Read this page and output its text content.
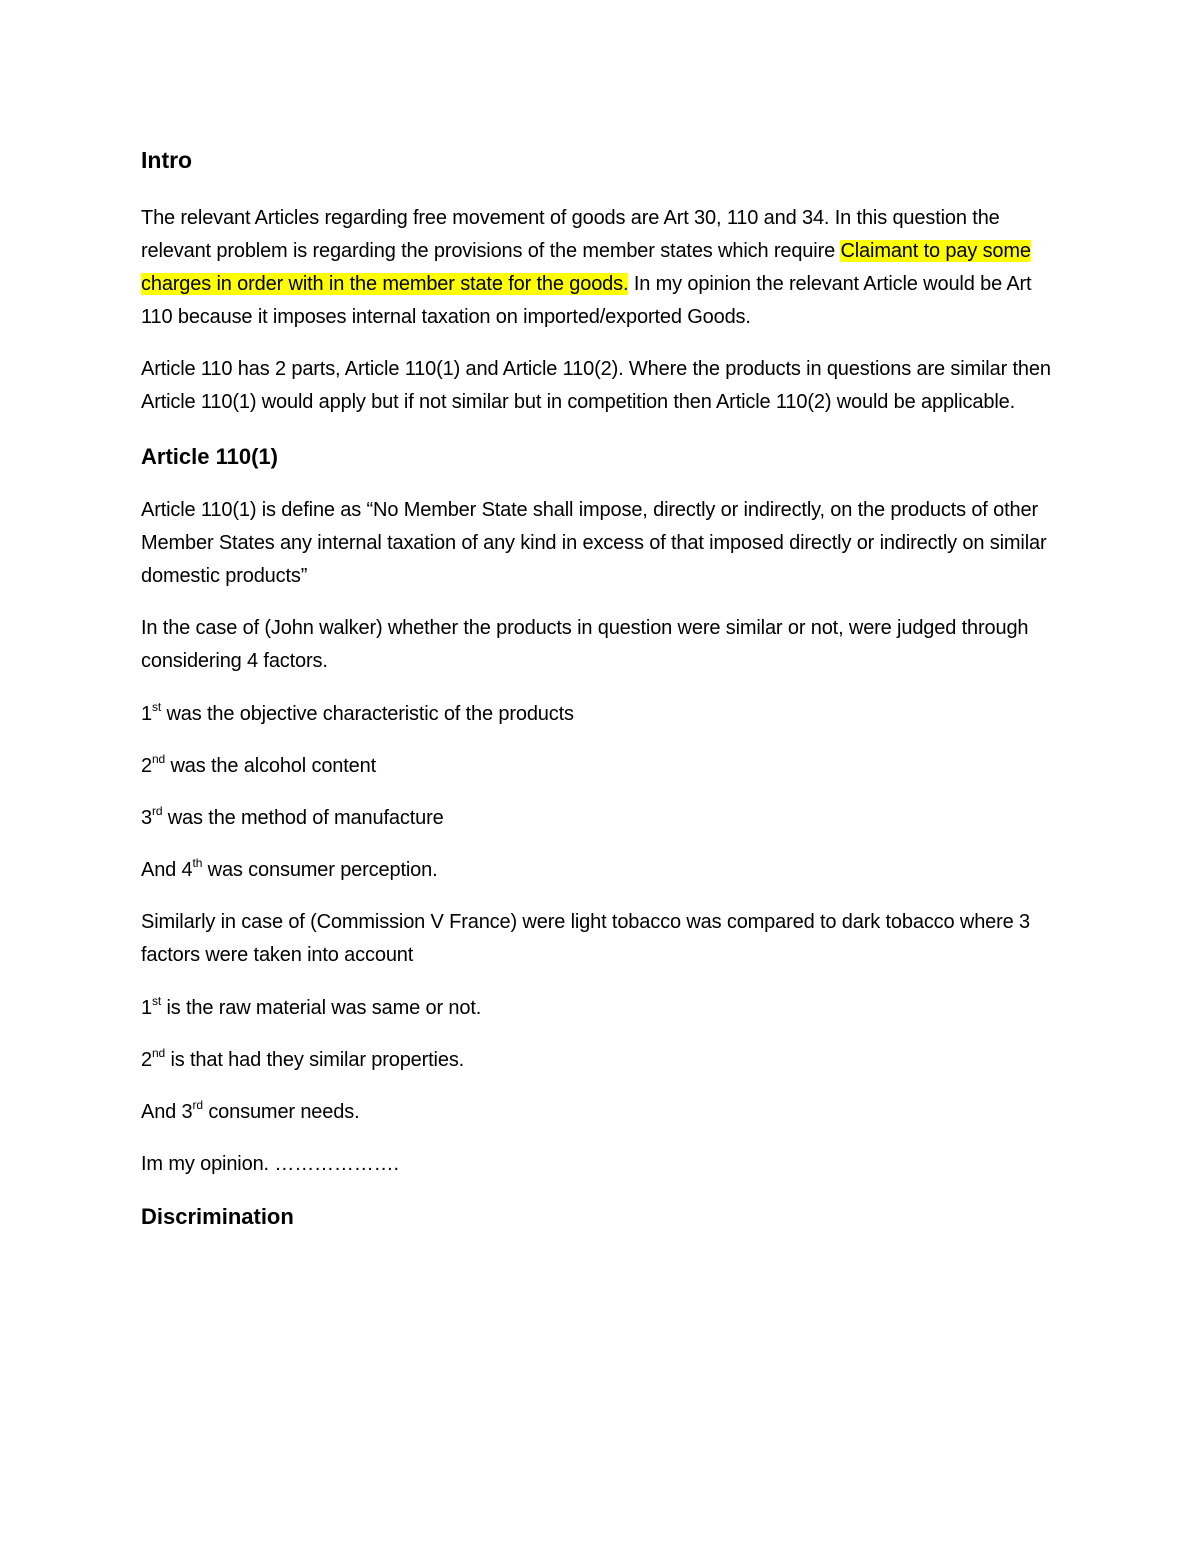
Intro

The relevant Articles regarding free movement of goods are Art 30, 110 and 34. In this question the relevant problem is regarding the provisions of the member states which require Claimant to pay some charges in order with in the member state for the goods. In my opinion the relevant Article would be Art 110 because it imposes internal taxation on imported/exported Goods.

Article 110 has 2 parts, Article 110(1) and Article 110(2). Where the products in questions are similar then Article 110(1) would apply but if not similar but in competition then Article 110(2) would be applicable.

Article 110(1)

Article 110(1) is define as “No Member State shall impose, directly or indirectly, on the products of other Member States any internal taxation of any kind in excess of that imposed directly or indirectly on similar domestic products”

In the case of (John walker) whether the products in question were similar or not, were judged through considering 4 factors.

1st was the objective characteristic of the products

2nd was the alcohol content

3rd was the method of manufacture

And 4th was consumer perception.

Similarly in case of (Commission V France) were light tobacco was compared to dark tobacco where 3 factors were taken into account

1st is the raw material was same or not.

2nd is that had they similar properties.

And 3rd consumer needs.

Im my opinion. ……………….

Discrimination
